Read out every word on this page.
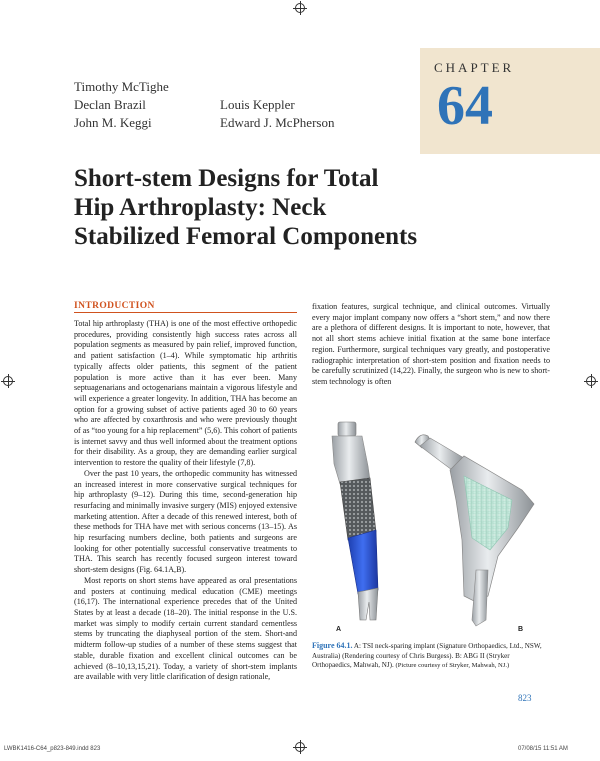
CHAPTER
64
Timothy McTighe
Declan Brazil
John M. Keggi
Louis Keppler
Edward J. McPherson
Short-stem Designs for Total
Hip Arthroplasty: Neck
Stabilized Femoral Components
INTRODUCTION

Total hip arthroplasty (THA) is one of the most effective orthopedic procedures, providing consistently high success rates across all population segments as measured by pain relief, improved function, and patient satisfaction (1–4). While symptomatic hip arthritis typically affects older patients, this segment of the patient population is more active than it has ever been. Many septuagenarians and octogenarians maintain a vigorous lifestyle and will experience a greater longevity. In addition, THA has become an option for a growing subset of active patients aged 30 to 60 years who are affected by coxarthrosis and who were previously thought of as “too young for a hip replacement” (5,6). This cohort of patients is internet savvy and thus well informed about the treatment options for their disability. As a group, they are demanding earlier surgical intervention to restore the quality of their lifestyle (7,8).

Over the past 10 years, the orthopedic community has witnessed an increased interest in more conservative surgical techniques for hip arthroplasty (9–12). During this time, second-generation hip resurfacing and minimally invasive surgery (MIS) enjoyed extensive marketing attention. After a decade of this renewed interest, both of these methods for THA have met with serious concerns (13–15). As hip resurfacing numbers decline, both patients and surgeons are looking for other potentially successful conservative treatments to THA. This search has recently focused surgeon interest toward short-stem designs (Fig. 64.1A,B).

Most reports on short stems have appeared as oral presentations and posters at continuing medical education (CME) meetings (16,17). The international experience precedes that of the United States by at least a decade (18–20). The initial response in the U.S. market was simply to modify certain current standard cementless stems by truncating the diaphyseal portion of the stem. Short-and midterm follow-up studies of a number of these stems suggest that stable, durable fixation and excellent clinical outcomes can be achieved (8–10,13,15,21). Today, a variety of short-stem implants are available with very little clarification of design rationale,

fixation features, surgical technique, and clinical outcomes. Virtually every major implant company now offers a “short stem,” and now there are a plethora of different designs. It is important to note, however, that not all short stems achieve initial fixation at the same bone interface region. Furthermore, surgical techniques vary greatly, and postoperative radiographic interpretation of short-stem position and fixation needs to be carefully scrutinized (14,22). Finally, the surgeon who is new to short-stem technology is often

A	B
Figure 64.1. A: TSI neck-sparing implant (Signature Orthopaedics, Ltd., NSW, Australia) (Rendering courtesy of Chris Burgess). B: ABG II (Stryker Orthopaedics, Mahwah, NJ). (Picture courtesy of Stryker, Mahwah, NJ.)
823
LWBK1416-C64_p823-849.indd 823	07/08/15 11:51 AM
